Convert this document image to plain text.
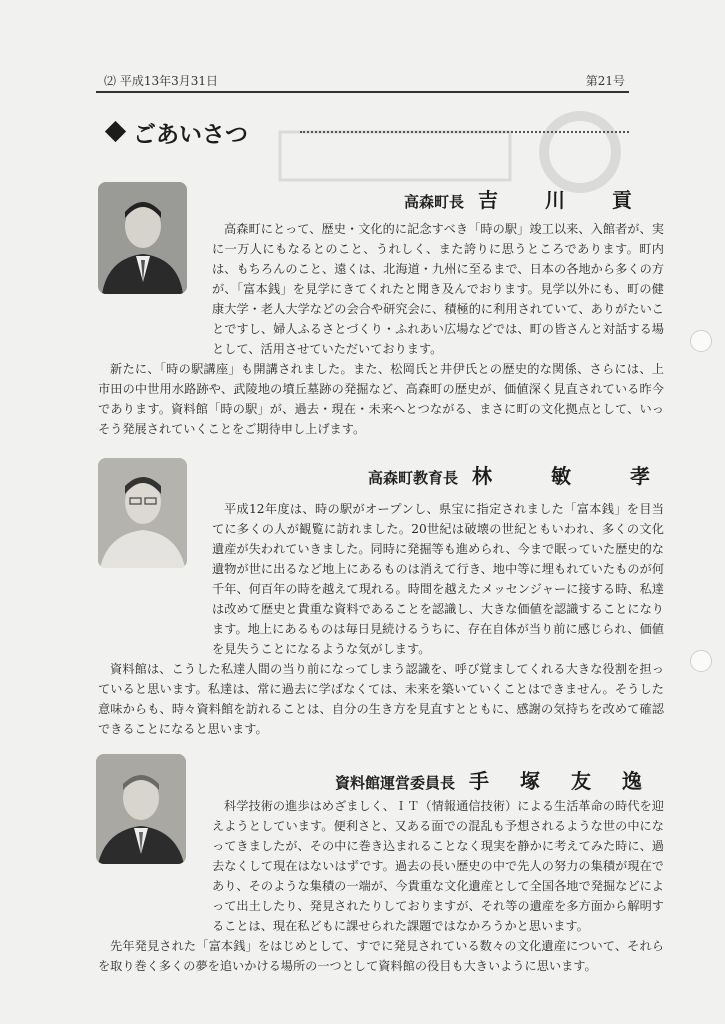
⑵ 平成13年3月31日	第21号
ごあいさつ
高森町長 吉 川 貢

高森町にとって、歴史・文化的に記念すべき「時の駅」竣工以来、入館者が、実に一万人にもなるとのこと、うれしく、また誇りに思うところであります。町内は、もちろんのこと、遠くは、北海道・九州に至るまで、日本の各地から多くの方が、「富本銭」を見学にきてくれたと聞き及んでおります。見学以外にも、町の健康大学・老人大学などの会合や研究会に、積極的に利用されていて、ありがたいことですし、婦人ふるさとづくり・ふれあい広場などでは、町の皆さんと対話する場として、活用させていただいております。

新たに、「時の駅講座」も開講されました。また、松岡氏と井伊氏との歴史的な関係、さらには、上市田の中世用水路跡や、武陵地の墳丘墓跡の発掘など、高森町の歴史が、価値深く見直されている昨今であります。資料館「時の駅」が、過去・現在・未来へとつながる、まさに町の文化拠点として、いっそう発展されていくことをご期待申し上げます。

高森町教育長 林 敏 孝

平成12年度は、時の駅がオープンし、県宝に指定されました「富本銭」を目当てに多くの人が観覧に訪れました。20世紀は破壊の世紀ともいわれ、多くの文化遺産が失われていきました。同時に発掘等も進められ、今まで眠っていた歴史的な遺物が世に出るなど地上にあるものは消えて行き、地中等に埋もれていたものが何千年、何百年の時を越えて現れる。時間を越えたメッセンジャーに接する時、私達は改めて歴史と貴重な資料であることを認識し、大きな価値を認識することになります。地上にあるものは毎日見続けるうちに、存在自体が当り前に感じられ、価値を見失うことになるような気がします。

資料館は、こうした私達人間の当り前になってしまう認識を、呼び覚ましてくれる大きな役割を担っていると思います。私達は、常に過去に学ばなくては、未来を築いていくことはできません。そうした意味からも、時々資料館を訪れることは、自分の生き方を見直すとともに、感謝の気持ちを改めて確認できることになると思います。

資料館運営委員長 手 塚 友 逸

科学技術の進歩はめざましく、ＩＴ（情報通信技術）による生活革命の時代を迎えようとしています。便利さと、又ある面での混乱も予想されるような世の中になってきましたが、その中に巻き込まれることなく現実を静かに考えてみた時に、過去なくして現在はないはずです。過去の長い歴史の中で先人の努力の集積が現在であり、そのような集積の一端が、今貴重な文化遺産として全国各地で発掘などによって出土したり、発見されたりしておりますが、それ等の遺産を多方面から解明することは、現在私どもに課せられた課題ではなかろうかと思います。

先年発見された「富本銭」をはじめとして、すでに発見されている数々の文化遺産について、それらを取り巻く多くの夢を追いかける場所の一つとして資料館の役目も大きいように思います。
